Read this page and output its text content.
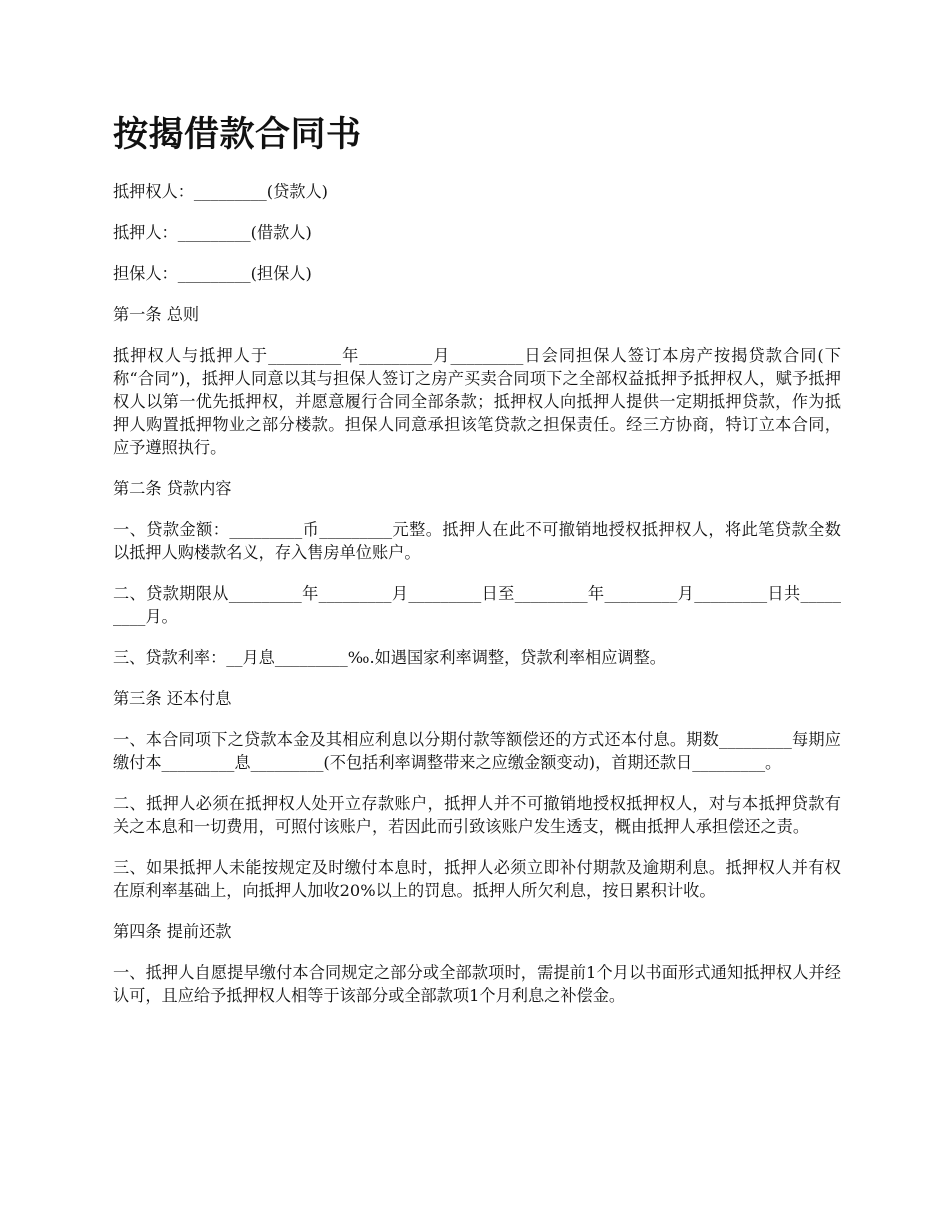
按揭借款合同书

抵押权人：_________(贷款人)

抵押人：_________(借款人)

担保人：_________(担保人)

第一条 总则

抵押权人与抵押人于_________年_________月_________日会同担保人签订本房产按揭贷款合同(下称“合同”)，抵押人同意以其与担保人签订之房产买卖合同项下之全部权益抵押予抵押权人，赋予抵押权人以第一优先抵押权，并愿意履行合同全部条款；抵押权人向抵押人提供一定期抵押贷款，作为抵押人购置抵押物业之部分楼款。担保人同意承担该笔贷款之担保责任。经三方协商，特订立本合同，应予遵照执行。

第二条 贷款内容

一、贷款金额：_________币_________元整。抵押人在此不可撤销地授权抵押权人，将此笔贷款全数以抵押人购楼款名义，存入售房单位账户。

二、贷款期限从_________年_________月_________日至_________年_________月_________日共_________月。

三、贷款利率：__月息_________‰.如遇国家利率调整，贷款利率相应调整。

第三条 还本付息

一、本合同项下之贷款本金及其相应利息以分期付款等额偿还的方式还本付息。期数_________每期应缴付本_________息_________(不包括利率调整带来之应缴金额变动)，首期还款日_________。

二、抵押人必须在抵押权人处开立存款账户，抵押人并不可撤销地授权抵押权人，对与本抵押贷款有关之本息和一切费用，可照付该账户，若因此而引致该账户发生透支，概由抵押人承担偿还之责。

三、如果抵押人未能按规定及时缴付本息时，抵押人必须立即补付期款及逾期利息。抵押权人并有权在原利率基础上，向抵押人加收20%以上的罚息。抵押人所欠利息，按日累积计收。

第四条 提前还款

一、抵押人自愿提早缴付本合同规定之部分或全部款项时，需提前1个月以书面形式通知抵押权人并经认可，且应给予抵押权人相等于该部分或全部款项1个月利息之补偿金。
